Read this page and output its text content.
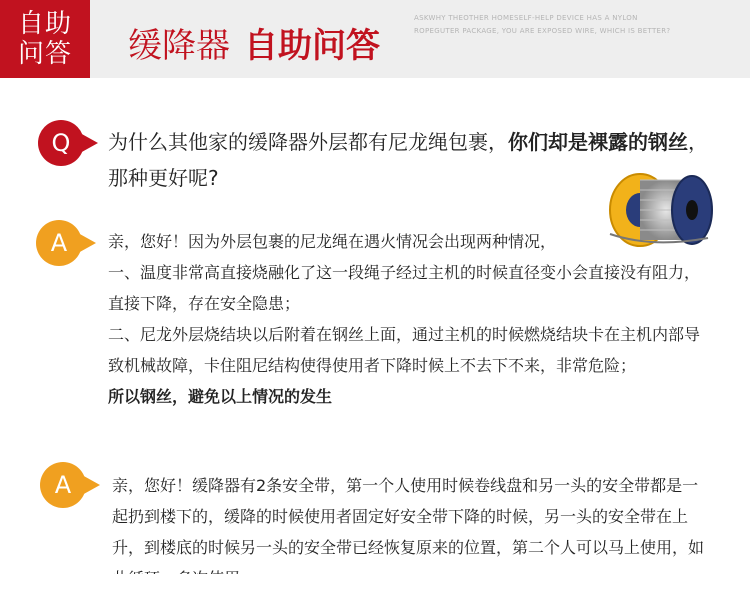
自助
问答	缓降器 自助问答
ASKWHY THEOTHER HOMESELF-HELP DEVICE HAS A NYLON ROPEGUTER PACKAGE, YOU ARE EXPOSED WIRE, WHICH IS BETTER?
Q	为什么其他家的缓降器外层都有尼龙绳包裹，你们却是裸露的钢丝，那种更好呢?
A	亲，您好！因为外层包裹的尼龙绳在遇火情况会出现两种情况，

一、温度非常高直接烧融化了这一段绳子经过主机的时候直径变小会直接没有阻力，直接下降，存在安全隐患；

二、尼龙外层烧结块以后附着在钢丝上面，通过主机的时候燃烧结块卡在主机内部导致机械故障，卡住阻尼结构使得使用者下降时候上不去下不来，非常危险；

所以钢丝，避免以上情况的发生

A	亲，您好！缓降器有2条安全带，第一个人使用时候卷线盘和另一头的安全带都是一起扔到楼下的，缓降的时候使用者固定好安全带下降的时候，另一头的安全带在上升，到楼底的时候另一头的安全带已经恢复原来的位置，第二个人可以马上使用，如
